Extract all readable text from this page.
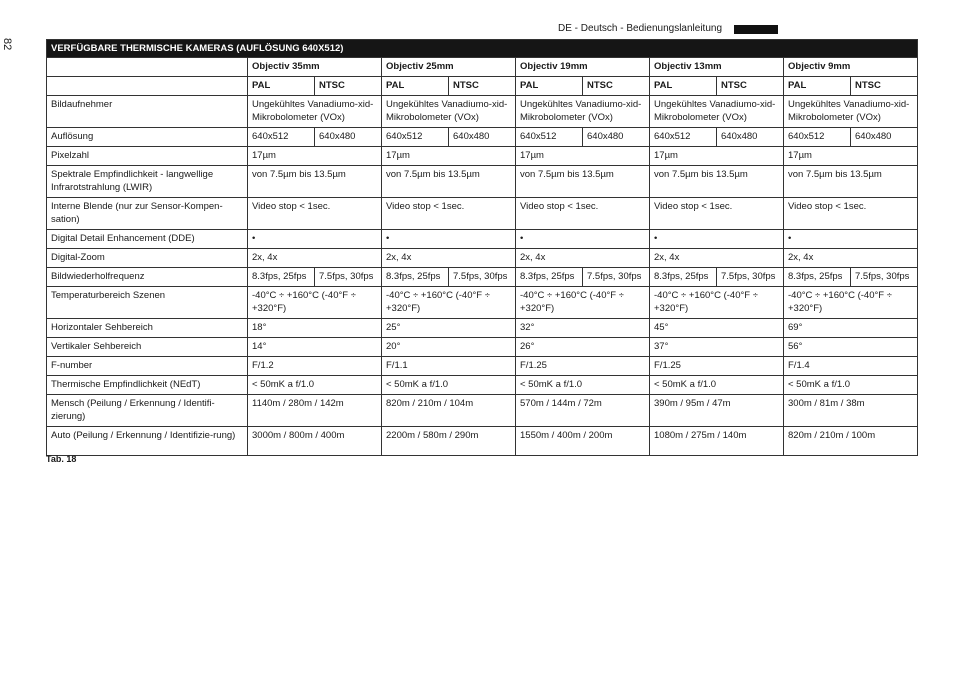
82
DE - Deutsch - Bedienungslanleitung
VERFÜGBARE THERMISCHE KAMERAS (AUFLÖSUNG 640X512)										
	Objectiv 35mm		Objectiv 25mm		Objectiv 19mm		Objectiv 13mm		Objectiv 9mm	
	PAL	NTSC	PAL	NTSC	PAL	NTSC	PAL	NTSC	PAL	NTSC
Bildaufnehmer	Ungekühltes Vanadiumo-xid-Mikrobolometer (VOx)		Ungekühltes Vanadiumo-xid-Mikrobolometer (VOx)		Ungekühltes Vanadiumo-xid-Mikrobolometer (VOx)		Ungekühltes Vanadiumo-xid-Mikrobolometer (VOx)		Ungekühltes Vanadiumo-xid-Mikrobolometer (VOx)	
Auflösung	640x512	640x480	640x512	640x480	640x512	640x480	640x512	640x480	640x512	640x480
Pixelzahl	17µm		17µm		17µm		17µm		17µm	
Spektrale Empfindlichkeit - langwellige Infrarotstrahlung (LWIR)	von 7.5µm bis 13.5µm		von 7.5µm bis 13.5µm		von 7.5µm bis 13.5µm		von 7.5µm bis 13.5µm		von 7.5µm bis 13.5µm	
Interne Blende (nur zur Sensor-Kompen-sation)	Video stop < 1sec.		Video stop < 1sec.		Video stop < 1sec.		Video stop < 1sec.		Video stop < 1sec.	
Digital Detail Enhancement (DDE)	•		•		•		•		•	
Digital-Zoom	2x, 4x		2x, 4x		2x, 4x		2x, 4x		2x, 4x	
Bildwiederholfrequenz	8.3fps, 25fps	7.5fps, 30fps	8.3fps, 25fps	7.5fps, 30fps	8.3fps, 25fps	7.5fps, 30fps	8.3fps, 25fps	7.5fps, 30fps	8.3fps, 25fps	7.5fps, 30fps
Temperaturbereich Szenen	-40°C ÷ +160°C (-40°F ÷ +320°F)		-40°C ÷ +160°C (-40°F ÷ +320°F)		-40°C ÷ +160°C (-40°F ÷ +320°F)		-40°C ÷ +160°C (-40°F ÷ +320°F)		-40°C ÷ +160°C (-40°F ÷ +320°F)	
Horizontaler Sehbereich	18°		25°		32°		45°		69°	
Vertikaler Sehbereich	14°		20°		26°		37°		56°	
F-number	F/1.2		F/1.1		F/1.25		F/1.25		F/1.4	
Thermische Empfindlichkeit (NEdT)	< 50mK a f/1.0		< 50mK a f/1.0		< 50mK a f/1.0		< 50mK a f/1.0		< 50mK a f/1.0	
Mensch (Peilung / Erkennung / Identifi-zierung)	1140m / 280m / 142m		820m / 210m / 104m		570m / 144m / 72m		390m / 95m / 47m		300m / 81m / 38m	
Auto (Peilung / Erkennung / Identifizie-rung)	3000m / 800m / 400m		2200m / 580m / 290m		1550m / 400m / 200m		1080m / 275m / 140m		820m / 210m / 100m	
Tab. 18
